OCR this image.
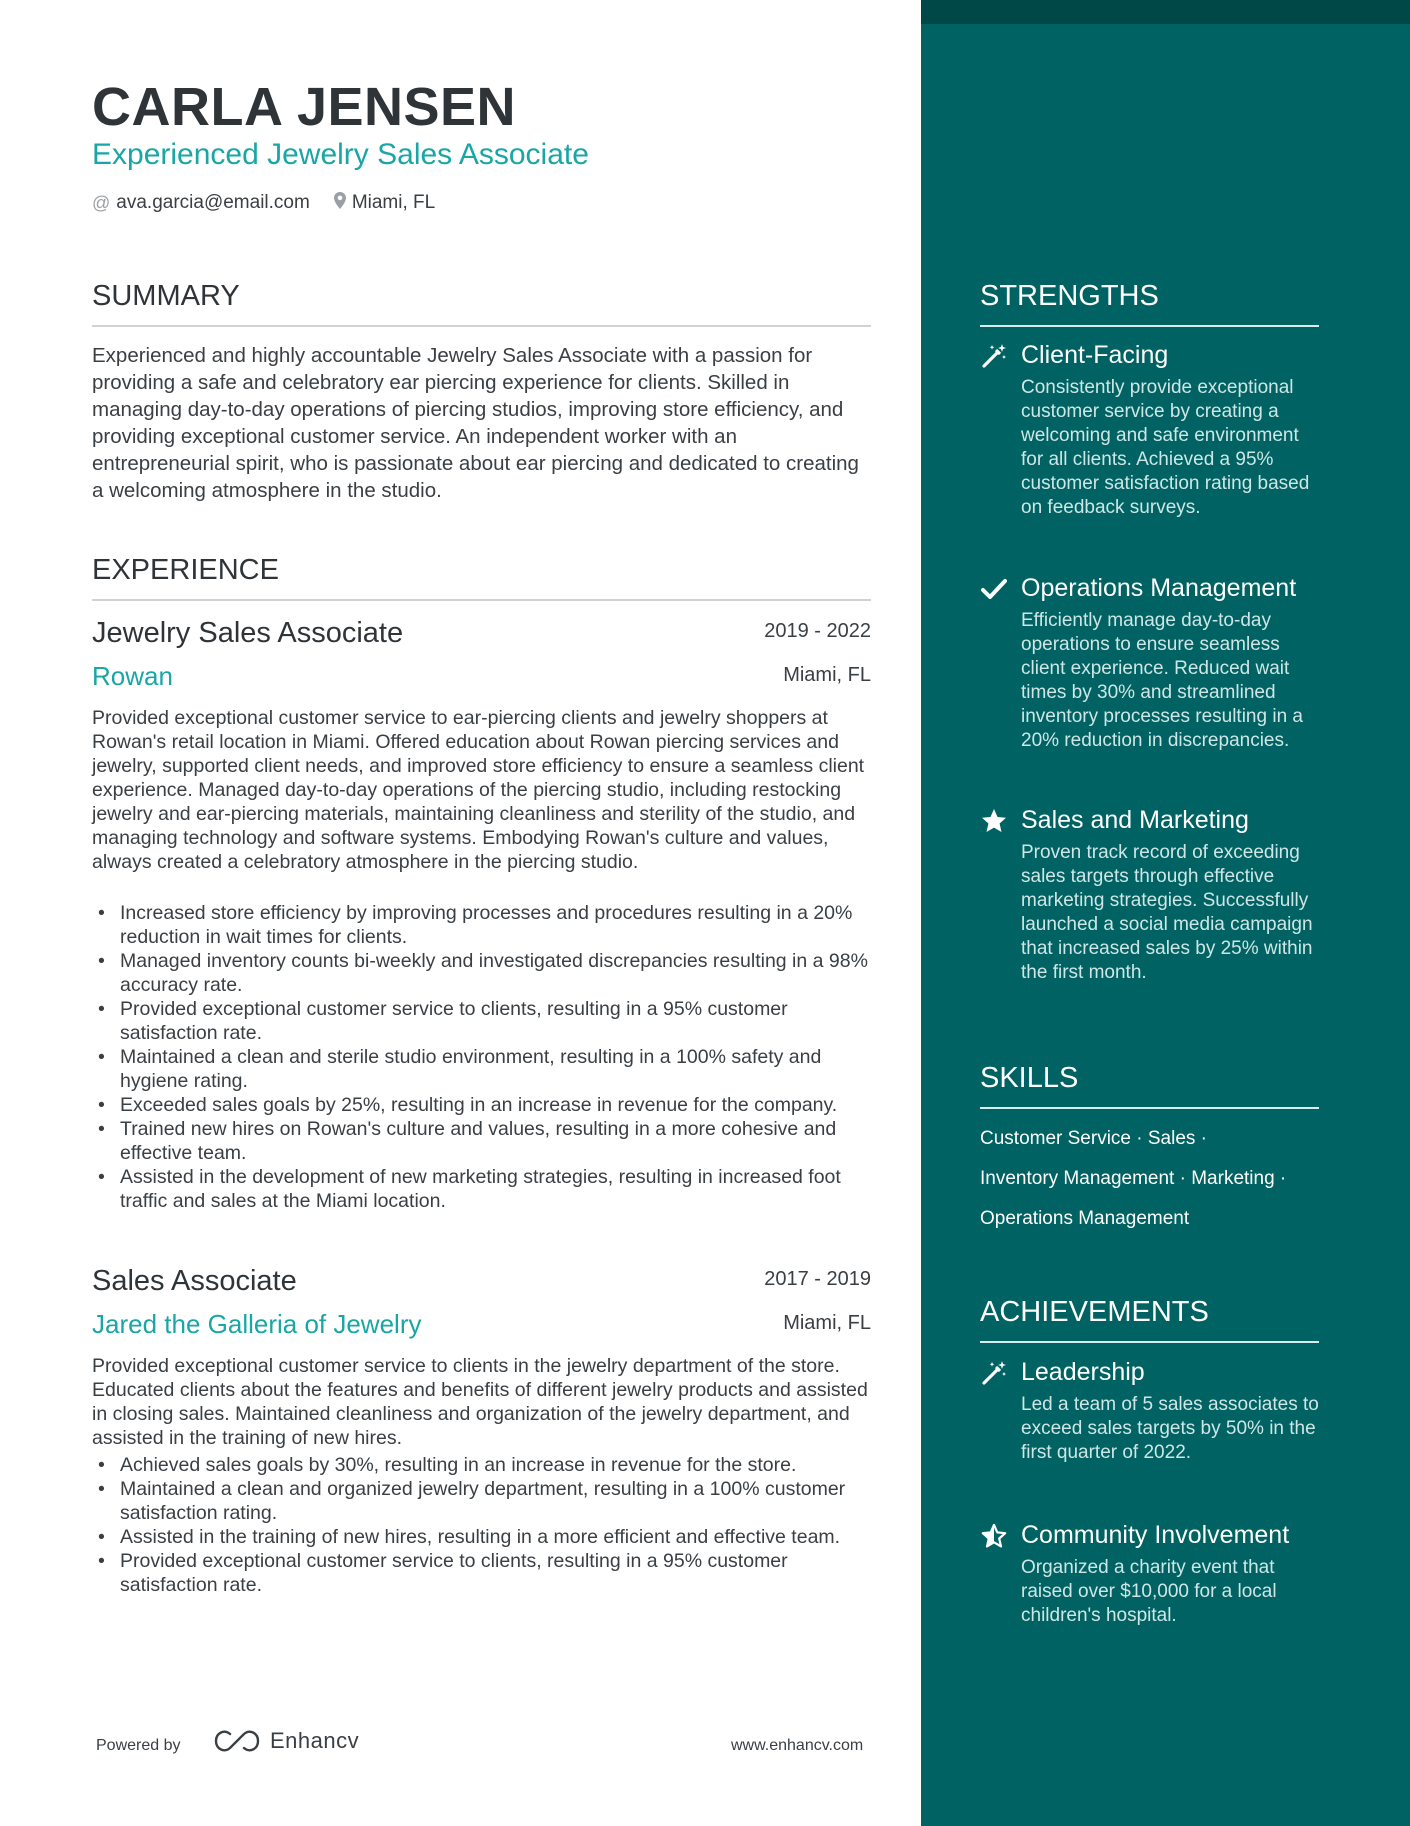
CARLA JENSEN
Experienced Jewelry Sales Associate
@ ava.garcia@email.com Miami, FL
SUMMARY
Experienced and highly accountable Jewelry Sales Associate with a passion for providing a safe and celebratory ear piercing experience for clients. Skilled in managing day-to-day operations of piercing studios, improving store efficiency, and providing exceptional customer service. An independent worker with an entrepreneurial spirit, who is passionate about ear piercing and dedicated to creating a welcoming atmosphere in the studio.
EXPERIENCE
Jewelry Sales Associate	2019 - 2022
Rowan	Miami, FL
Provided exceptional customer service to ear-piercing clients and jewelry shoppers at Rowan's retail location in Miami. Offered education about Rowan piercing services and jewelry, supported client needs, and improved store efficiency to ensure a seamless client experience. Managed day-to-day operations of the piercing studio, including restocking jewelry and ear-piercing materials, maintaining cleanliness and sterility of the studio, and managing technology and software systems. Embodying Rowan's culture and values, always created a celebratory atmosphere in the piercing studio.
• Increased store efficiency by improving processes and procedures resulting in a 20% reduction in wait times for clients.
• Managed inventory counts bi-weekly and investigated discrepancies resulting in a 98% accuracy rate.
• Provided exceptional customer service to clients, resulting in a 95% customer satisfaction rate.
• Maintained a clean and sterile studio environment, resulting in a 100% safety and hygiene rating.
• Exceeded sales goals by 25%, resulting in an increase in revenue for the company.
• Trained new hires on Rowan's culture and values, resulting in a more cohesive and effective team.
• Assisted in the development of new marketing strategies, resulting in increased foot traffic and sales at the Miami location.
Sales Associate	2017 - 2019
Jared the Galleria of Jewelry	Miami, FL
Provided exceptional customer service to clients in the jewelry department of the store. Educated clients about the features and benefits of different jewelry products and assisted in closing sales. Maintained cleanliness and organization of the jewelry department, and assisted in the training of new hires.
• Achieved sales goals by 30%, resulting in an increase in revenue for the store.
• Maintained a clean and organized jewelry department, resulting in a 100% customer satisfaction rating.
• Assisted in the training of new hires, resulting in a more efficient and effective team.
• Provided exceptional customer service to clients, resulting in a 95% customer satisfaction rate.
Powered by	Enhancv	www.enhancv.com
STRENGTHS
Client-Facing
Consistently provide exceptional customer service by creating a welcoming and safe environment for all clients. Achieved a 95% customer satisfaction rating based on feedback surveys.
Operations Management
Efficiently manage day-to-day operations to ensure seamless client experience. Reduced wait times by 30% and streamlined inventory processes resulting in a 20% reduction in discrepancies.
Sales and Marketing
Proven track record of exceeding sales targets through effective marketing strategies. Successfully launched a social media campaign that increased sales by 25% within the first month.
SKILLS
Customer Service · Sales ·
Inventory Management · Marketing ·
Operations Management
ACHIEVEMENTS
Leadership
Led a team of 5 sales associates to exceed sales targets by 50% in the first quarter of 2022.
Community Involvement
Organized a charity event that raised over $10,000 for a local children's hospital.
